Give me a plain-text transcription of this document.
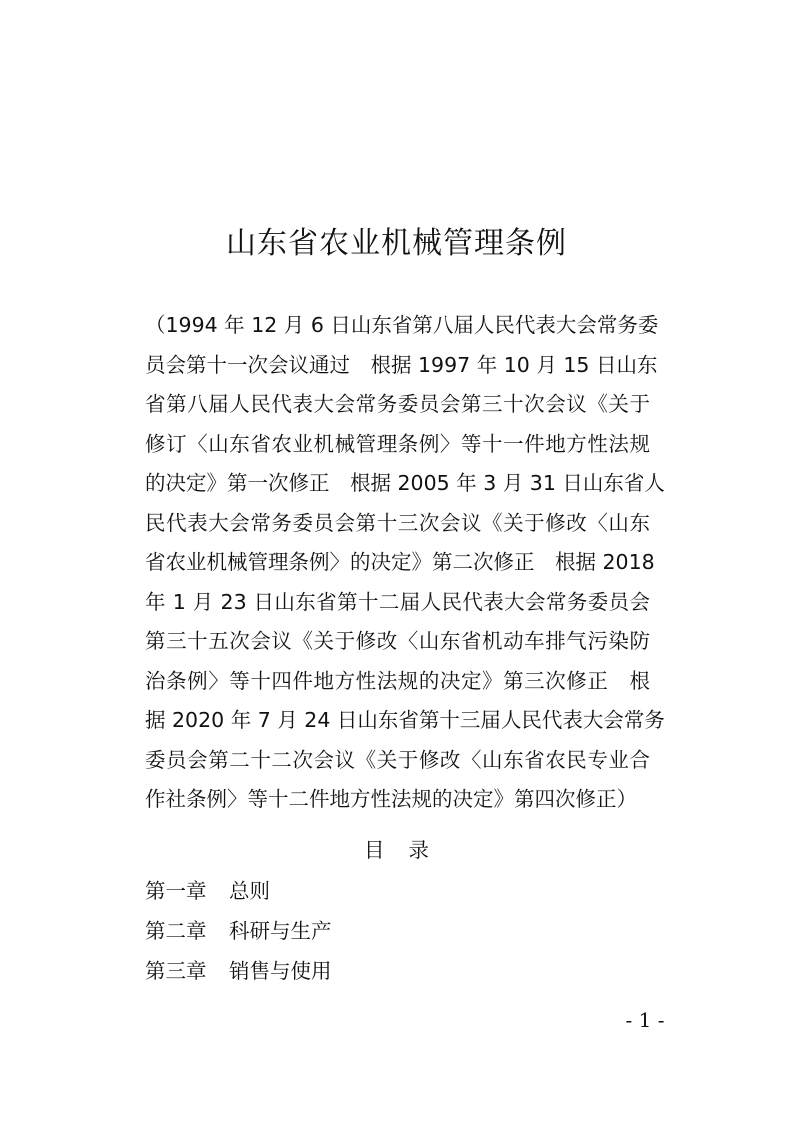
山东省农业机械管理条例
（1994 年 12 月 6 日山东省第八届人民代表大会常务委
员会第十一次会议通过　根据 1997 年 10 月 15 日山东
省第八届人民代表大会常务委员会第三十次会议《关于
修订〈山东省农业机械管理条例〉等十一件地方性法规
的决定》第一次修正　根据 2005 年 3 月 31 日山东省人
民代表大会常务委员会第十三次会议《关于修改〈山东
省农业机械管理条例〉的决定》第二次修正　根据 2018
年 1 月 23 日山东省第十二届人民代表大会常务委员会
第三十五次会议《关于修改〈山东省机动车排气污染防
治条例〉等十四件地方性法规的决定》第三次修正　根
据 2020 年 7 月 24 日山东省第十三届人民代表大会常务
委员会第二十二次会议《关于修改〈山东省农民专业合
作社条例〉等十二件地方性法规的决定》第四次修正）
目录
第一章 总则
第二章 科研与生产
第三章 销售与使用
- 1 -
